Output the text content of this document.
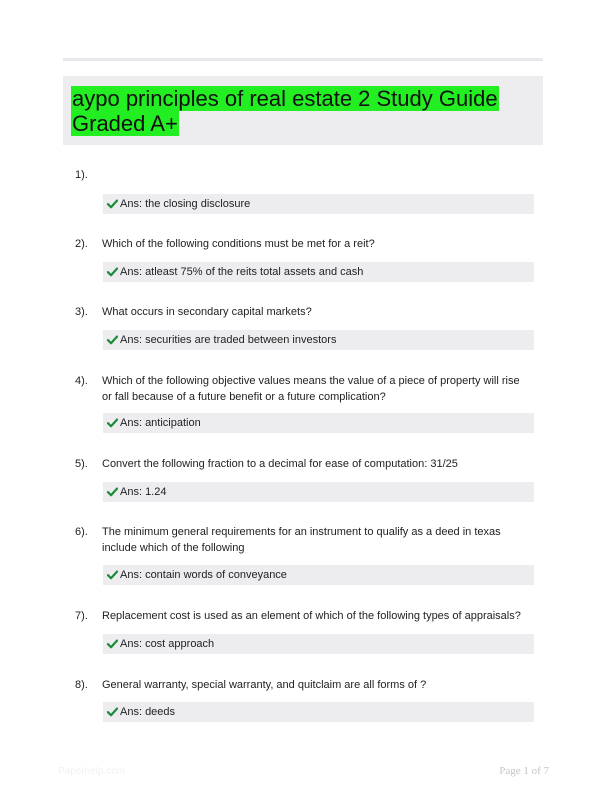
aypo principles of real estate 2 Study Guide Graded A+
1).
Ans: the closing disclosure
2). Which of the following conditions must be met for a reit?
Ans: atleast 75% of the reits total assets and cash
3). What occurs in secondary capital markets?
Ans: securities are traded between investors
4). Which of the following objective values means the value of a piece of property will rise or fall because of a future benefit or a future complication?
Ans: anticipation
5). Convert the following fraction to a decimal for ease of computation: 31/25
Ans: 1.24
6). The minimum general requirements for an instrument to qualify as a deed in texas include which of the following
Ans: contain words of conveyance
7). Replacement cost is used as an element of which of the following types of appraisals?
Ans: cost approach
8). General warranty, special warranty, and quitclaim are all forms of ?
Ans: deeds
Paperhelp.com	Page 1 of 7
